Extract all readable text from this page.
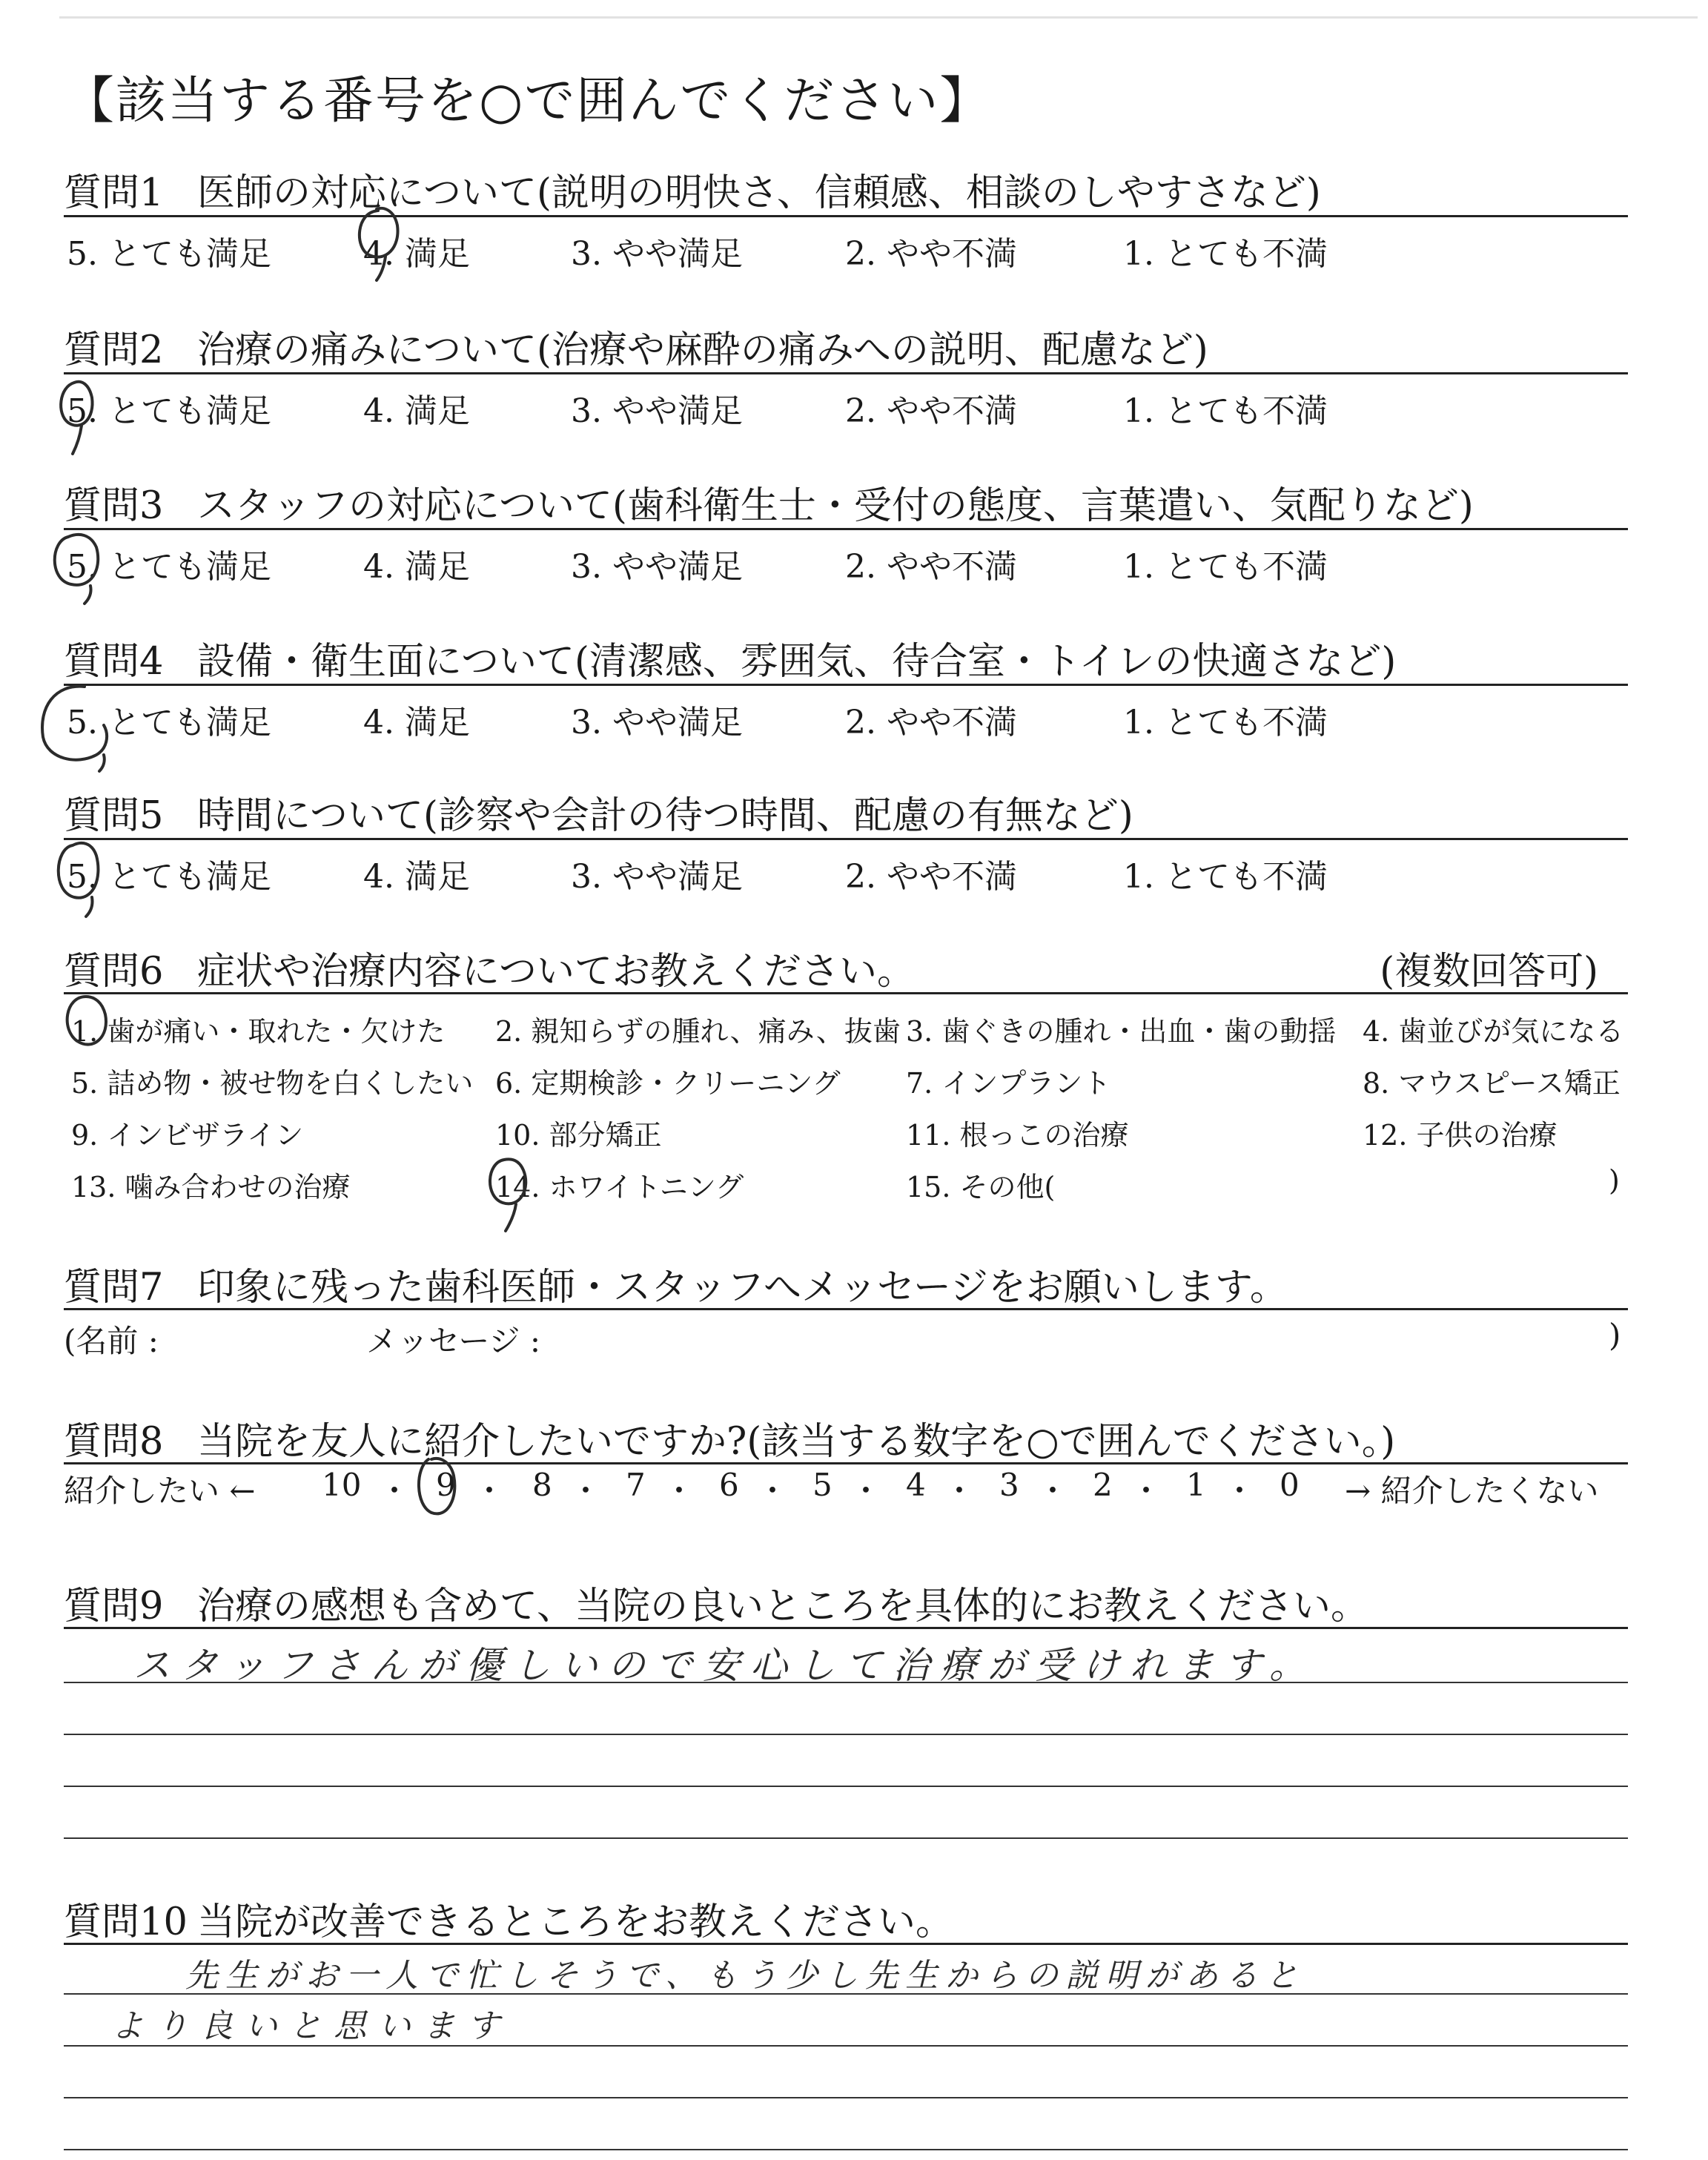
【該当する番号を○で囲んでください】
質問1 医師の対応について(説明の明快さ、信頼感、相談のしやすさなど)
5. とても満足	4. 満足	3. やや満足	2. やや不満	1. とても不満
質問2 治療の痛みについて(治療や麻酔の痛みへの説明、配慮など)
5. とても満足	4. 満足	3. やや満足	2. やや不満	1. とても不満
質問3 スタッフの対応について(歯科衛生士・受付の態度、言葉遣い、気配りなど)
5. とても満足	4. 満足	3. やや満足	2. やや不満	1. とても不満
質問4 設備・衛生面について(清潔感、雰囲気、待合室・トイレの快適さなど)
5. とても満足	4. 満足	3. やや満足	2. やや不満	1. とても不満
質問5 時間について(診察や会計の待つ時間、配慮の有無など)
5. とても満足	4. 満足	3. やや満足	2. やや不満	1. とても不満
質問6 症状や治療内容についてお教えください。	(複数回答可)
1. 歯が痛い・取れた・欠けた 2. 親知らずの腫れ、痛み、抜歯 3. 歯ぐきの腫れ・出血・歯の動揺 4. 歯並びが気になる
5. 詰め物・被せ物を白くしたい 6. 定期検診・クリーニング 7. インプラント	8. マウスピース矯正
9. インビザライン	10. 部分矯正	11. 根っこの治療	12. 子供の治療
13. 噛み合わせの治療	14. ホワイトニング	15. その他(	)
質問7 印象に残った歯科医師・スタッフへメッセージをお願いします。
(名前 :	メッセージ :	)
質問8 当院を友人に紹介したいですか?(該当する数字を○で囲んでください。)
紹介したい ← 10 ・ 9 ・ 8 ・ 7 ・ 6 ・ 5 ・ 4 ・ 3 ・ 2 ・ 1 ・ 0 → 紹介したくない
質問9 治療の感想も含めて、当院の良いところを具体的にお教えください。
スタッフさんが優しいので安心して治療が受けれます。
質問10 当院が改善できるところをお教えください。
先生がお一人で忙しそうで、もう少し先生からの説明があると
より良いと思います
